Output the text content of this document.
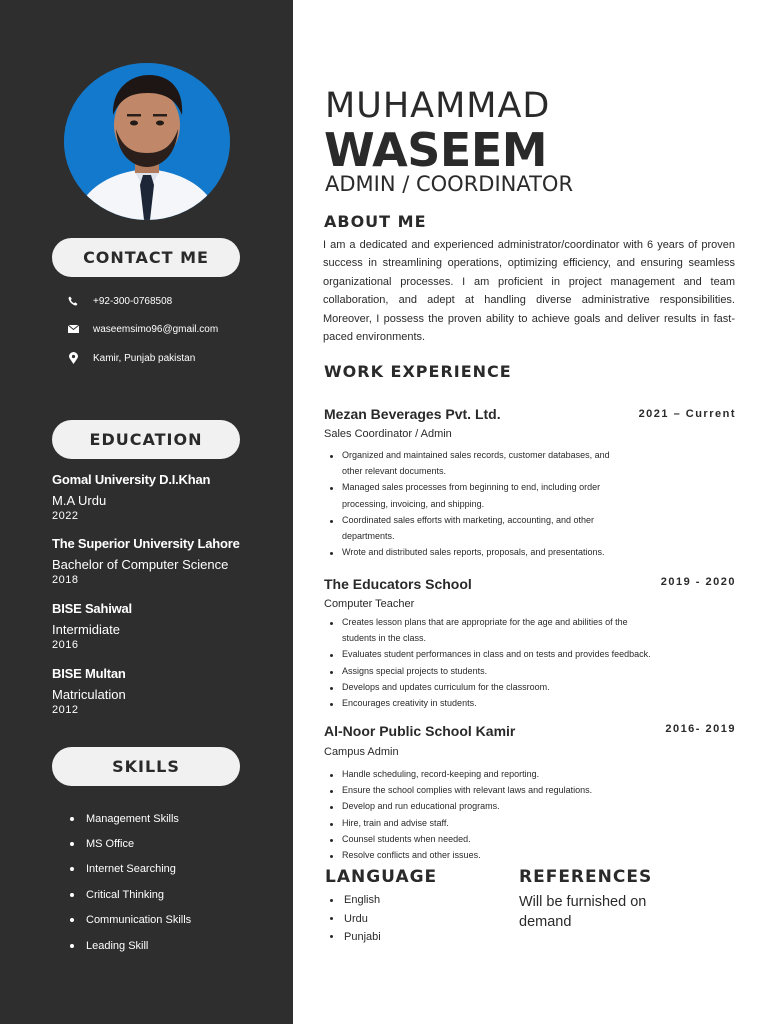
CONTACT ME
+92-300-0768508
waseemsimo96@gmail.com
Kamir, Punjab pakistan
EDUCATION
Gomal University D.I.Khan
M.A Urdu
2022
The Superior University Lahore
Bachelor of Computer Science
2018
BISE Sahiwal
Intermidiate
2016
BISE Multan
Matriculation
2012
SKILLS
Management Skills
MS Office
Internet Searching
Critical Thinking
Communication Skills
Leading Skill
MUHAMMAD
WASEEM
ADMIN / COORDINATOR
ABOUT ME

I am a dedicated and experienced administrator/coordinator with 6 years of proven success in streamlining operations, optimizing efficiency, and ensuring seamless organizational processes. I am proficient in project management and team collaboration, and adept at handling diverse administrative responsibilities. Moreover, I possess the proven ability to achieve goals and deliver results in fast-paced environments.

WORK EXPERIENCE
Mezan Beverages Pvt. Ltd.	2021 – Current
Sales Coordinator / Admin
Organized and maintained sales records, customer databases, and
other relevant documents.
Managed sales processes from beginning to end, including order
processing, invoicing, and shipping.
Coordinated sales efforts with marketing, accounting, and other
departments.
Wrote and distributed sales reports, proposals, and presentations.
The Educators School	2019 - 2020
Computer Teacher
Creates lesson plans that are appropriate for the age and abilities of the
students in the class.
Evaluates student performances in class and on tests and provides feedback.
Assigns special projects to students.
Develops and updates curriculum for the classroom.
Encourages creativity in students.
Al-Noor Public School Kamir	2016- 2019
Campus Admin
Handle scheduling, record-keeping and reporting.
Ensure the school complies with relevant laws and regulations.
Develop and run educational programs.
Hire, train and advise staff.
Counsel students when needed.
Resolve conflicts and other issues.
LANGUAGE
English
Urdu
Punjabi
REFERENCES
Will be furnished on demand
